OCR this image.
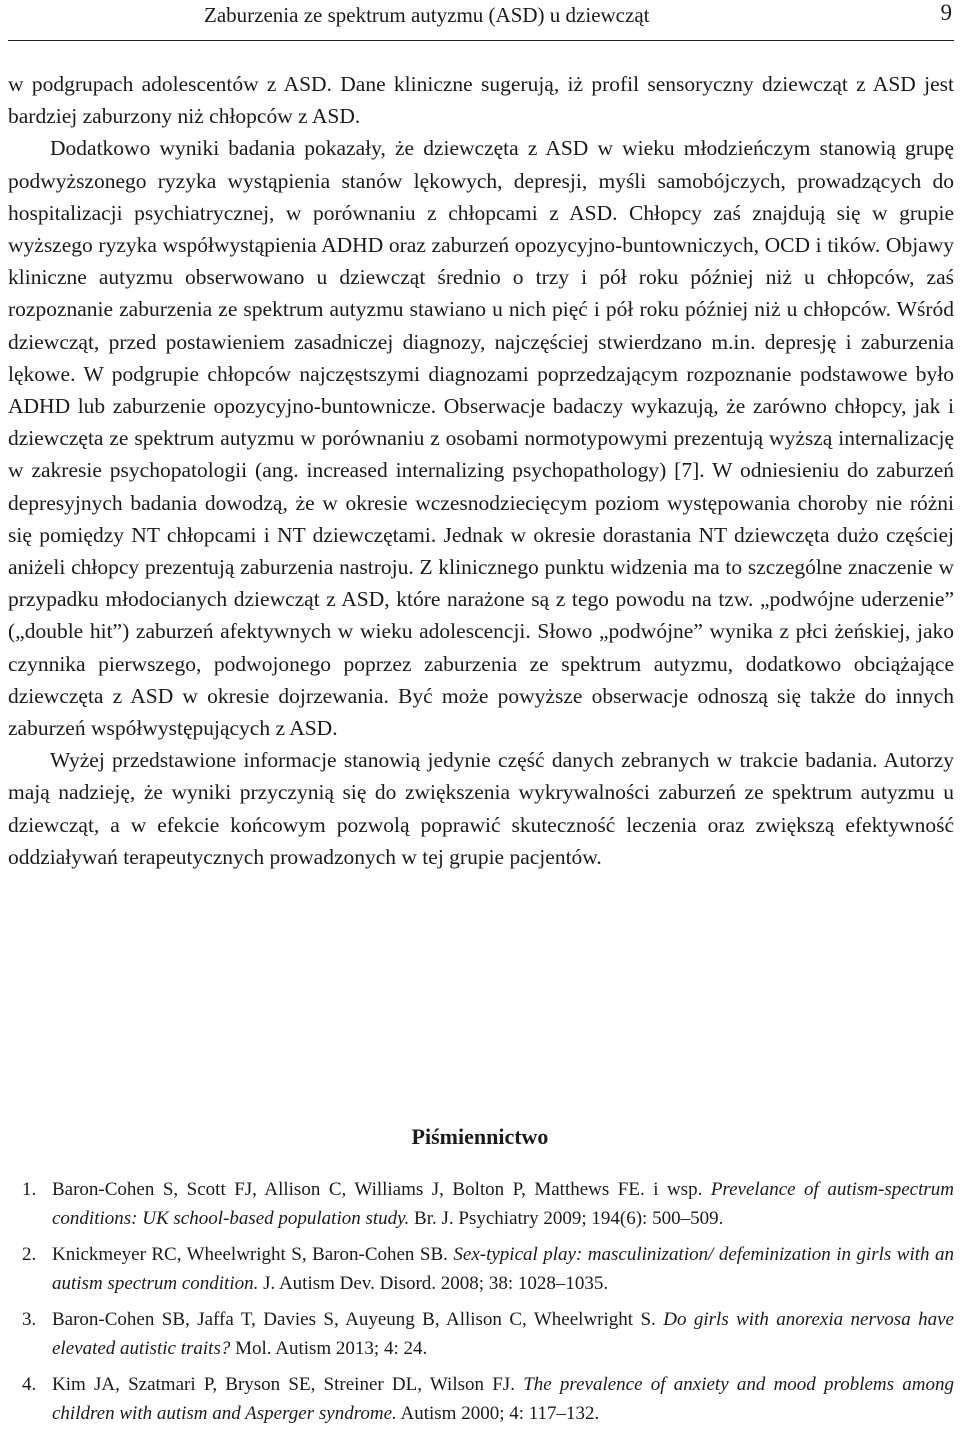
Zaburzenia ze spektrum autyzmu (ASD) u dziewcząt	9

w podgrupach adolescentów z ASD. Dane kliniczne sugerują, iż profil sensoryczny dziewcząt z ASD jest bardziej zaburzony niż chłopców z ASD.

Dodatkowo wyniki badania pokazały, że dziewczęta z ASD w wieku młodzieńczym stanowią grupę podwyższonego ryzyka wystąpienia stanów lękowych, depresji, myśli samobójczych, prowadzących do hospitalizacji psychiatrycznej, w porównaniu z chłopcami z ASD. Chłopcy zaś znajdują się w grupie wyższego ryzyka współwystąpienia ADHD oraz zaburzeń opozycyjno-buntowniczych, OCD i tików. Objawy kliniczne autyzmu obserwowano u dziewcząt średnio o trzy i pół roku później niż u chłopców, zaś rozpoznanie zaburzenia ze spektrum autyzmu stawiano u nich pięć i pół roku później niż u chłopców. Wśród dziewcząt, przed postawieniem zasadniczej diagnozy, najczęściej stwierdzano m.in. depresję i zaburzenia lękowe. W podgrupie chłopców najczęstszymi diagnozami poprzedzającym rozpoznanie podstawowe było ADHD lub zaburzenie opozycyjno-buntownicze. Obserwacje badaczy wykazują, że zarówno chłopcy, jak i dziewczęta ze spektrum autyzmu w porównaniu z osobami normotypowymi prezentują wyższą internalizację w zakresie psychopatologii (ang. increased internalizing psychopathology) [7]. W odniesieniu do zaburzeń depresyjnych badania dowodzą, że w okresie wczesnodziecięcym poziom występowania choroby nie różni się pomiędzy NT chłopcami i NT dziewczętami. Jednak w okresie dorastania NT dziewczęta dużo częściej aniżeli chłopcy prezentują zaburzenia nastroju. Z klinicznego punktu widzenia ma to szczególne znaczenie w przypadku młodocianych dziewcząt z ASD, które narażone są z tego powodu na tzw. „podwójne uderzenie” („double hit”) zaburzeń afektywnych w wieku adolescencji. Słowo „podwójne” wynika z płci żeńskiej, jako czynnika pierwszego, podwojonego poprzez zaburzenia ze spektrum autyzmu, dodatkowo obciążające dziewczęta z ASD w okresie dojrzewania. Być może powyższe obserwacje odnoszą się także do innych zaburzeń współwystępujących z ASD.

Wyżej przedstawione informacje stanowią jedynie część danych zebranych w trakcie badania. Autorzy mają nadzieję, że wyniki przyczynią się do zwiększenia wykrywalności zaburzeń ze spektrum autyzmu u dziewcząt, a w efekcie końcowym pozwolą poprawić skuteczność leczenia oraz zwiększą efektywność oddziaływań terapeutycznych prowadzonych w tej grupie pacjentów.

Piśmiennictwo
1. Baron-Cohen S, Scott FJ, Allison C, Williams J, Bolton P, Matthews FE. i wsp. Prevelance of autism-spectrum conditions: UK school-based population study. Br. J. Psychiatry 2009; 194(6): 500–509.
2. Knickmeyer RC, Wheelwright S, Baron-Cohen SB. Sex-typical play: masculinization/ defeminization in girls with an autism spectrum condition. J. Autism Dev. Disord. 2008; 38: 1028–1035.
3. Baron-Cohen SB, Jaffa T, Davies S, Auyeung B, Allison C, Wheelwright S. Do girls with anorexia nervosa have elevated autistic traits? Mol. Autism 2013; 4: 24.
4. Kim JA, Szatmari P, Bryson SE, Streiner DL, Wilson FJ. The prevalence of anxiety and mood problems among children with autism and Asperger syndrome. Autism 2000; 4: 117–132.
